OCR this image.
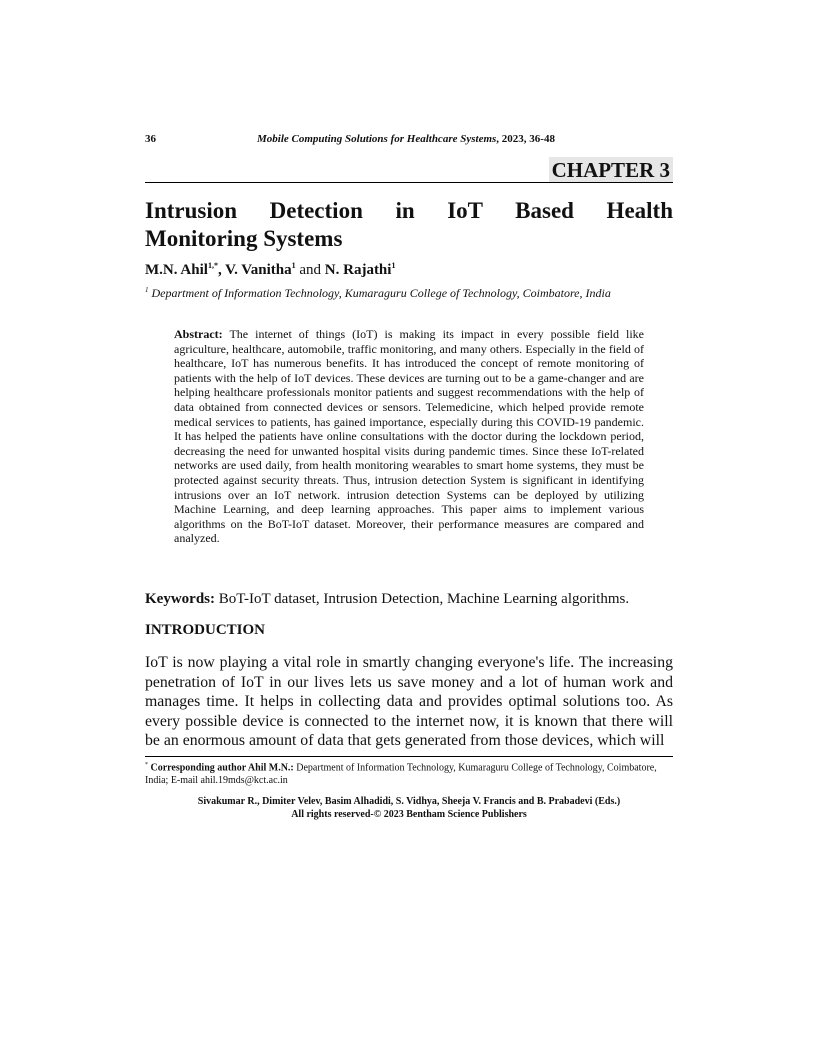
36	Mobile Computing Solutions for Healthcare Systems, 2023, 36-48
CHAPTER 3
Intrusion Detection in IoT Based Health
Monitoring Systems
M.N. Ahil$^{1,*}$, V. Vanitha$^1$ and N. Rajathi$^1$
$^1$ Department of Information Technology, Kumaraguru College of Technology, Coimbatore, India
Abstract: The internet of things (IoT) is making its impact in every possible field like agriculture, healthcare, automobile, traffic monitoring, and many others. Especially in the field of healthcare, IoT has numerous benefits. It has introduced the concept of remote monitoring of patients with the help of IoT devices. These devices are turning out to be a game-changer and are helping healthcare professionals monitor patients and suggest recommendations with the help of data obtained from connected devices or sensors. Telemedicine, which helped provide remote medical services to patients, has gained importance, especially during this COVID-19 pandemic. It has helped the patients have online consultations with the doctor during the lockdown period, decreasing the need for unwanted hospital visits during pandemic times. Since these IoT-related networks are used daily, from health monitoring wearables to smart home systems, they must be protected against security threats. Thus, intrusion detection System is significant in identifying intrusions over an IoT network. intrusion detection Systems can be deployed by utilizing Machine Learning, and deep learning approaches. This paper aims to implement various algorithms on the BoT-IoT dataset. Moreover, their performance measures are compared and analyzed.
Keywords: BoT-IoT dataset, Intrusion Detection, Machine Learning algorithms.
INTRODUCTION
IoT is now playing a vital role in smartly changing everyone's life. The increasing penetration of IoT in our lives lets us save money and a lot of human work and manages time. It helps in collecting data and provides optimal solutions too. As every possible device is connected to the internet now, it is known that there will be an enormous amount of data that gets generated from those devices, which will
* Corresponding author Ahil M.N.: Department of Information Technology, Kumaraguru College of Technology, Coimbatore, India; E-mail ahil.19mds@kct.ac.in
Sivakumar R., Dimiter Velev, Basim Alhadidi, S. Vidhya, Sheeja V. Francis and B. Prabadevi (Eds.)
All rights reserved-© 2023 Bentham Science Publishers
